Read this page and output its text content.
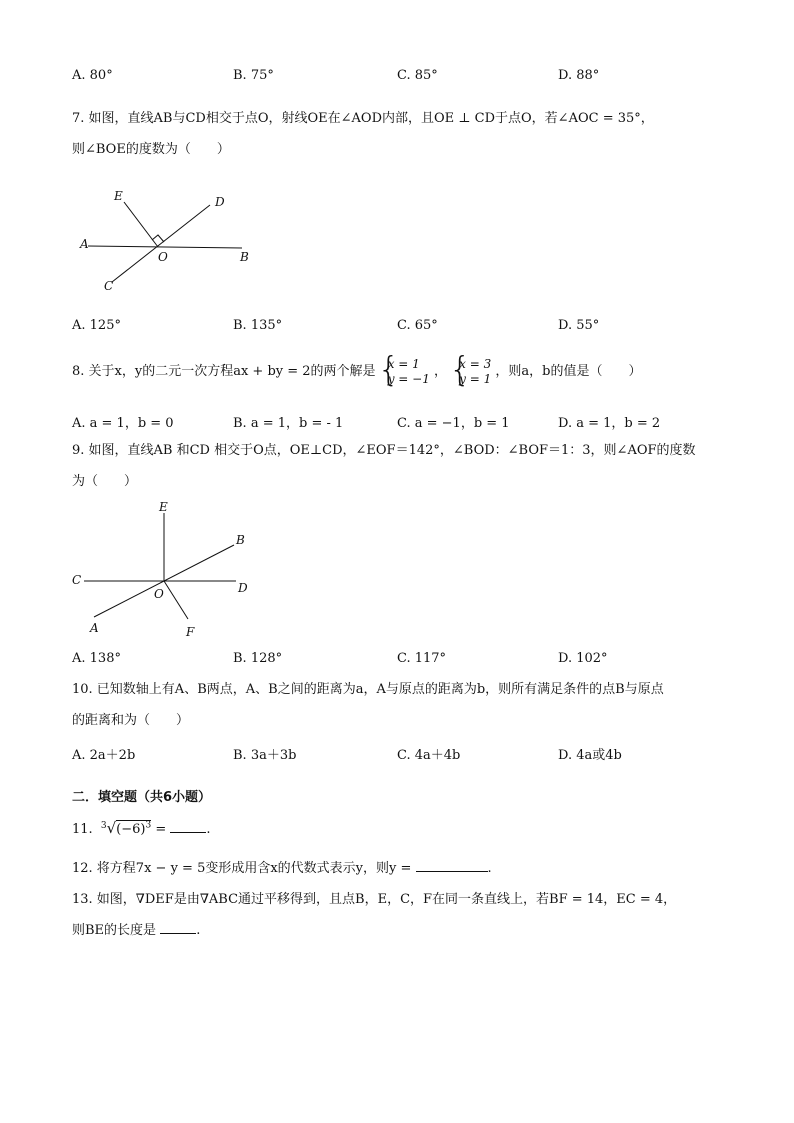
A. 80°	B. 75°	C. 85°	D. 88°
7. 如图，直线AB与CD相交于点O，射线OE在∠AOD内部，且OE ⊥ CD于点O，若∠AOC = 35°，
则∠BOE的度数为（　　）
E	D
A
O	B
C
A. 125°	B. 135°	C. 65°	D. 55°
8. 关于x，y的二元一次方程ax + by = 2的两个解是
{ x = 1
y = −1 ，
{ x = 3
y = 1 ，则a，b的值是（　　）
A. a = 1，b = 0	B. a = 1，b = - 1	C. a = −1，b = 1	D. a = 1，b = 2
9. 如图，直线AB 和CD 相交于O点，OE⊥CD，∠EOF＝142°，∠BOD：∠BOF＝1：3，则∠AOF的度数
为（　　）
E
B
C
D
O
A	F
A. 138°	B. 128°	C. 117°	D. 102°
10. 已知数轴上有A、B两点，A、B之间的距离为a，A与原点的距离为b，则所有满足条件的点B与原点
的距离和为（　　）
A. 2a＋2b	B. 3a＋3b	C. 4a＋4b	D. 4a或4b
二．填空题（共6小题）
11. $^3√(-6)^3$ =	.
12. 将方程7x − y = 5变形成用含x的代数式表示y，则y =	.
13. 如图，∇DEF是由∇ABC通过平移得到，且点B，E，C，F在同一条直线上，若BF = 14，EC = 4，
则BE的长度是	.
